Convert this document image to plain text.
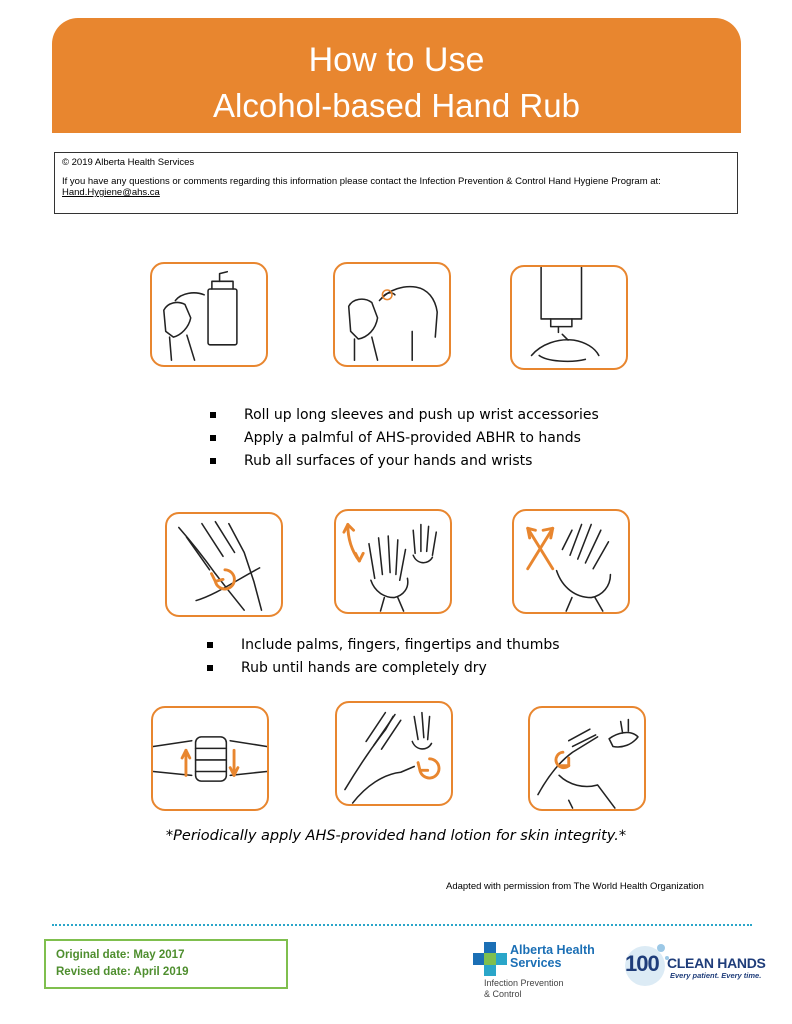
How to Use
Alcohol-based Hand Rub
© 2019 Alberta Health Services
If you have any questions or comments regarding this information please contact the Infection Prevention & Control Hand Hygiene Program at:
Hand.Hygiene@ahs.ca
Roll up long sleeves and push up wrist accessories
Apply a palmful of AHS-provided ABHR to hands
Rub all surfaces of your hands and wrists
Include palms, fingers, fingertips and thumbs
Rub until hands are completely dry
*Periodically apply AHS-provided hand lotion for skin integrity.*
Adapted with permission from The World Health Organization
Original date: May 2017
Revised date: April 2019
Alberta Health
Services
Infection Prevention
& Control
100 CLEAN HANDS
Every patient. Every time.
